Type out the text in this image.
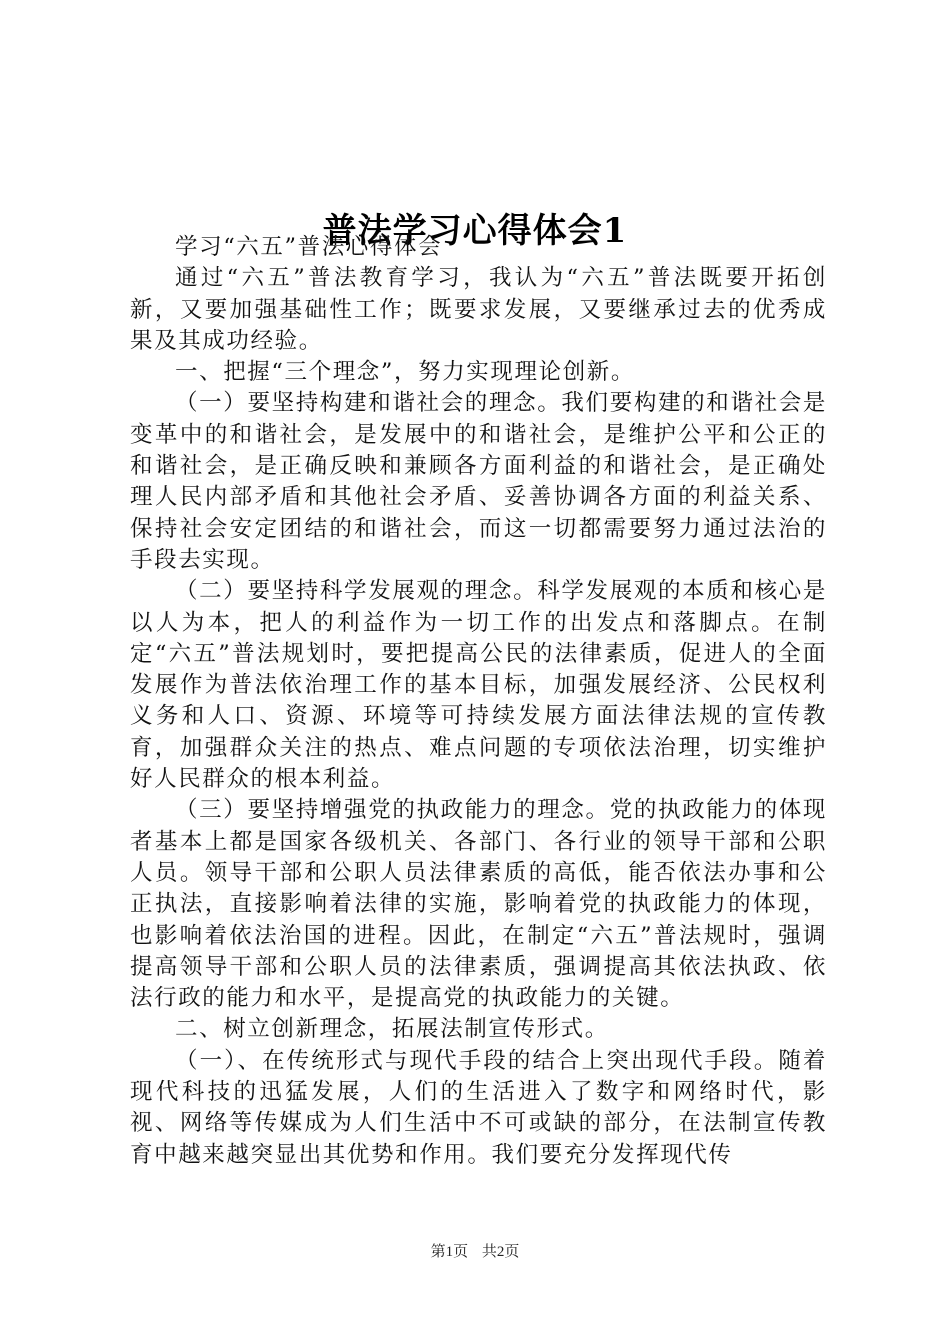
普法学习心得体会1

学习“六五”普法心得体会

通过“六五”普法教育学习，我认为“六五”普法既要开拓创新，又要加强基础性工作；既要求发展，又要继承过去的优秀成果及其成功经验。

一、把握“三个理念”，努力实现理论创新。

（一）要坚持构建和谐社会的理念。我们要构建的和谐社会是变革中的和谐社会，是发展中的和谐社会，是维护公平和公正的和谐社会，是正确反映和兼顾各方面利益的和谐社会，是正确处理人民内部矛盾和其他社会矛盾、妥善协调各方面的利益关系、保持社会安定团结的和谐社会，而这一切都需要努力通过法治的手段去实现。

（二）要坚持科学发展观的理念。科学发展观的本质和核心是以人为本，把人的利益作为一切工作的出发点和落脚点。在制定“六五”普法规划时，要把提高公民的法律素质，促进人的全面发展作为普法依治理工作的基本目标，加强发展经济、公民权利义务和人口、资源、环境等可持续发展方面法律法规的宣传教育，加强群众关注的热点、难点问题的专项依法治理，切实维护好人民群众的根本利益。

（三）要坚持增强党的执政能力的理念。党的执政能力的体现者基本上都是国家各级机关、各部门、各行业的领导干部和公职人员。领导干部和公职人员法律素质的高低，能否依法办事和公正执法，直接影响着法律的实施，影响着党的执政能力的体现，也影响着依法治国的进程。因此，在制定“六五”普法规时，强调提高领导干部和公职人员的法律素质，强调提高其依法执政、依法行政的能力和水平，是提高党的执政能力的关键。

二、树立创新理念，拓展法制宣传形式。

（一）、在传统形式与现代手段的结合上突出现代手段。随着现代科技的迅猛发展，人们的生活进入了数字和网络时代，影视、网络等传媒成为人们生活中不可或缺的部分，在法制宣传教育中越来越突显出其优势和作用。我们要充分发挥现代传

第1页 共2页
